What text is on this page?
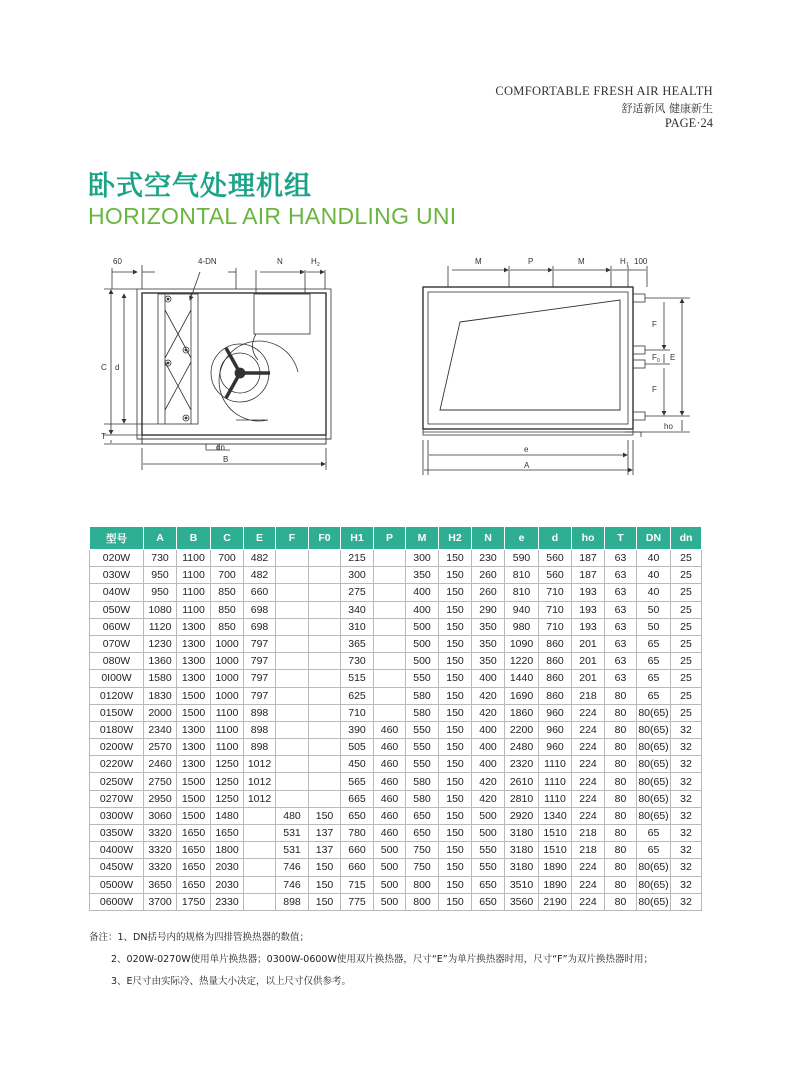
COMFORTABLE FRESH AIR HEALTH
舒适新风 健康新生
PAGE·24
卧式空气处理机组
HORIZONTAL AIR HANDLING UNI
60	4-DN	N	H 2
C d
T
dn
B
M	P	M	H 1 100
F
F 0
F
E
ho
e
A
型号	A	B	C	E	F	F0	H1	P	M	H2	N	e	d	ho	T	DN	dn
020W	730	1100	700	482			215		300	150	230	590	560	187	63	40	25
030W	950	1100	700	482			300		350	150	260	810	560	187	63	40	25
040W	950	1100	850	660			275		400	150	260	810	710	193	63	40	25
050W	1080	1100	850	698			340		400	150	290	940	710	193	63	50	25
060W	1120	1300	850	698			310		500	150	350	980	710	193	63	50	25
070W	1230	1300	1000	797			365		500	150	350	1090	860	201	63	65	25
080W	1360	1300	1000	797			730		500	150	350	1220	860	201	63	65	25
0I00W	1580	1300	1000	797			515		550	150	400	1440	860	201	63	65	25
0120W	1830	1500	1000	797			625		580	150	420	1690	860	218	80	65	25
0150W	2000	1500	1100	898			710		580	150	420	1860	960	224	80	80(65)	25
0180W	2340	1300	1100	898			390	460	550	150	400	2200	960	224	80	80(65)	32
0200W	2570	1300	1100	898			505	460	550	150	400	2480	960	224	80	80(65)	32
0220W	2460	1300	1250	1012			450	460	550	150	400	2320	1110	224	80	80(65)	32
0250W	2750	1500	1250	1012			565	460	580	150	420	2610	1110	224	80	80(65)	32
0270W	2950	1500	1250	1012			665	460	580	150	420	2810	1110	224	80	80(65)	32
0300W	3060	1500	1480		480	150	650	460	650	150	500	2920	1340	224	80	80(65)	32
0350W	3320	1650	1650		531	137	780	460	650	150	500	3180	1510	218	80	65	32
0400W	3320	1650	1800		531	137	660	500	750	150	550	3180	1510	218	80	65	32
0450W	3320	1650	2030		746	150	660	500	750	150	550	3180	1890	224	80	80(65)	32
0500W	3650	1650	2030		746	150	715	500	800	150	650	3510	1890	224	80	80(65)	32
0600W	3700	1750	2330		898	150	775	500	800	150	650	3560	2190	224	80	80(65)	32
备注：1、DN括号内的规格为四排管换热器的数值；
2、020W-0270W使用单片换热器；0300W-0600W使用双片换热器，尺寸“E”为单片换热器时用，尺寸“F”为双片换热器时用；
3、E尺寸由实际冷、热量大小决定，以上尺寸仅供参考。
